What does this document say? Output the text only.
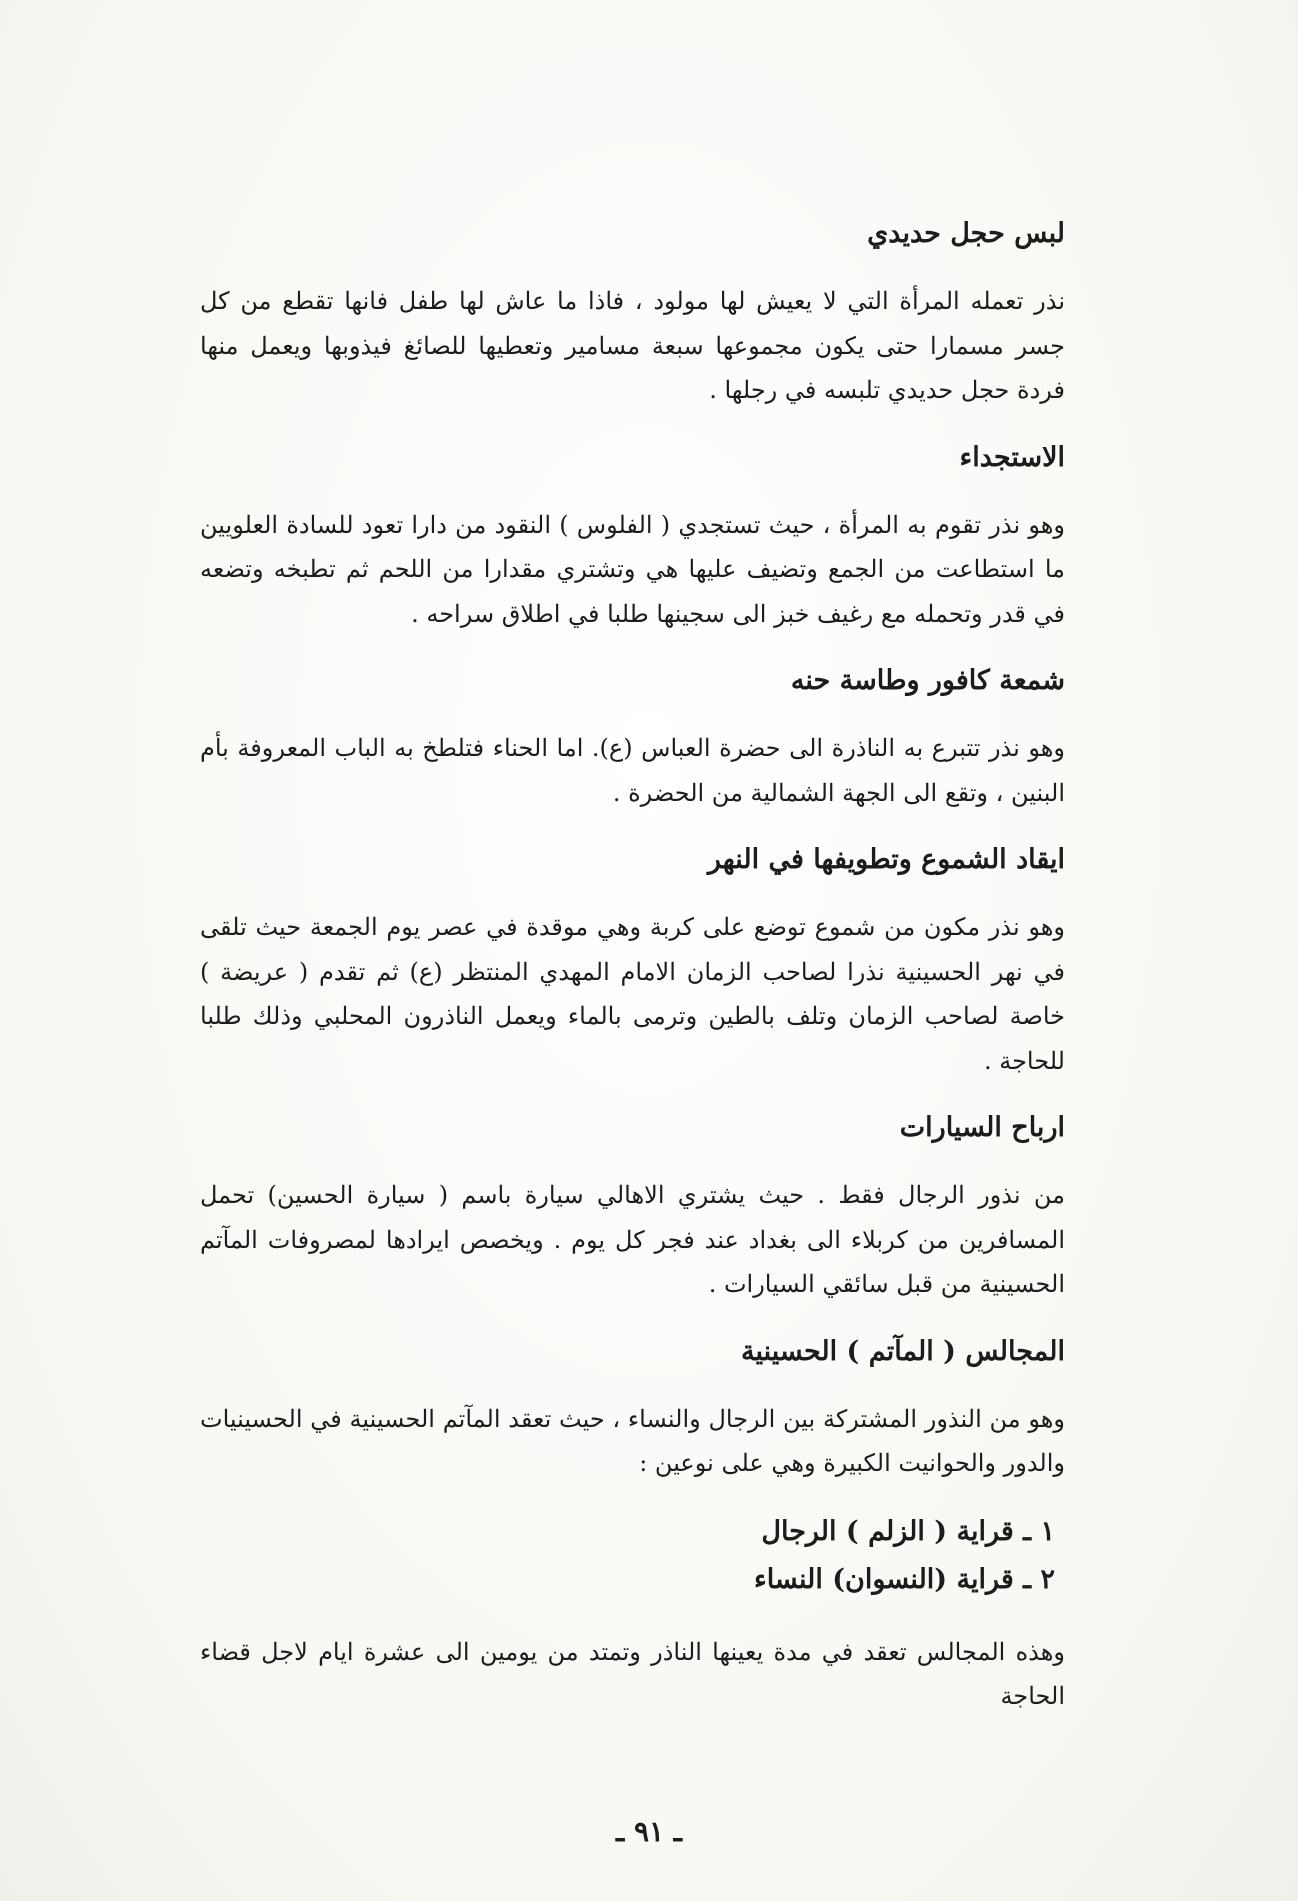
لبس حجل حديدي
نذر تعمله المرأة التي لا يعيش لها مولود ، فاذا ما عاش لها طفل فانها تقطع من كل جسر مسمارا حتى يكون مجموعها سبعة مسامير وتعطيها للصائغ فيذوبها ويعمل منها فردة حجل حديدي تلبسه في رجلها .
الاستجداء
وهو نذر تقوم به المرأة ، حيث تستجدي ( الفلوس ) النقود من دارا تعود للسادة العلويين ما استطاعت من الجمع وتضيف عليها هي وتشتري مقدارا من اللحم ثم تطبخه وتضعه في قدر وتحمله مع رغيف خبز الى سجينها طلبا في اطلاق سراحه .
شمعة كافور وطاسة حنه
وهو نذر تتبرع به الناذرة الى حضرة العباس (ع). اما الحناء فتلطخ به الباب المعروفة بأم البنين ، وتقع الى الجهة الشمالية من الحضرة .
ايقاد الشموع وتطويفها في النهر
وهو نذر مكون من شموع توضع على كربة وهي موقدة في عصر يوم الجمعة حيث تلقى في نهر الحسينية نذرا لصاحب الزمان الامام المهدي المنتظر (ع) ثم تقدم ( عريضة ) خاصة لصاحب الزمان وتلف بالطين وترمى بالماء ويعمل الناذرون المحلبي وذلك طلبا للحاجة .
ارباح السيارات
من نذور الرجال فقط . حيث يشتري الاهالي سيارة باسم ( سيارة الحسين) تحمل المسافرين من كربلاء الى بغداد عند فجر كل يوم . ويخصص ايرادها لمصروفات المآتم الحسينية من قبل سائقي السيارات .
المجالس ( المآتم ) الحسينية
وهو من النذور المشتركة بين الرجال والنساء ، حيث تعقد المآتم الحسينية في الحسينيات والدور والحوانيت الكبيرة وهي على نوعين :
١ ـ قراية ( الزلم ) الرجال
٢ ـ قراية (النسوان) النساء
وهذه المجالس تعقد في مدة يعينها الناذر وتمتد من يومين الى عشرة ايام لاجل قضاء الحاجة
ـ ٩١ ـ
